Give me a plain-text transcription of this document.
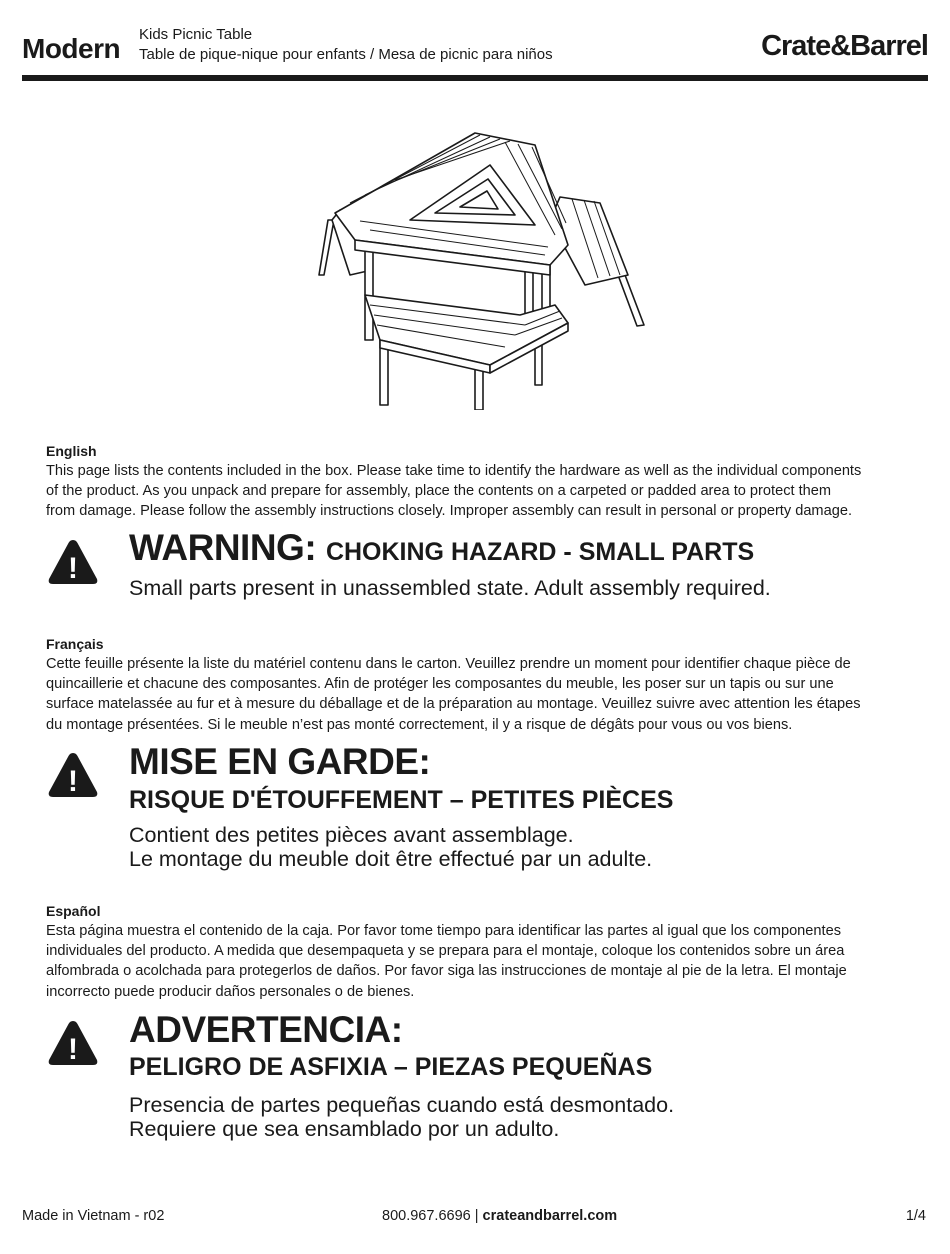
Modern Kids Picnic Table
Table de pique-nique pour enfants / Mesa de picnic para niños	Crate&Barrel
English
This page lists the contents included in the box. Please take time to identify the hardware as well as the individual components
of the product. As you unpack and prepare for assembly, place the contents on a carpeted or padded area to protect them
from damage. Please follow the assembly instructions closely. Improper assembly can result in personal or property damage.
!
WARNING: CHOKING HAZARD - SMALL PARTS
Small parts present in unassembled state. Adult assembly required.
Français
Cette feuille présente la liste du matériel contenu dans le carton. Veuillez prendre un moment pour identifier chaque pièce de
quincaillerie et chacune des composantes. Afin de protéger les composantes du meuble, les poser sur un tapis ou sur une
surface matelassée au fur et à mesure du déballage et de la préparation au montage. Veuillez suivre avec attention les étapes
du montage présentées. Si le meuble n’est pas monté correctement, il y a risque de dégâts pour vous ou vos biens.
! MISE EN GARDE:
RISQUE D'ÉTOUFFEMENT – PETITES PIÈCES
Contient des petites pièces avant assemblage.
Le montage du meuble doit être effectué par un adulte.
Español
Esta página muestra el contenido de la caja. Por favor tome tiempo para identificar las partes al igual que los componentes
individuales del producto. A medida que desempaqueta y se prepara para el montaje, coloque los contenidos sobre un área
alfombrada o acolchada para protegerlos de daños. Por favor siga las instrucciones de montaje al pie de la letra. El montaje
incorrecto puede producir daños personales o de bienes.
! ADVERTENCIA:
PELIGRO DE ASFIXIA – PIEZAS PEQUEÑAS
Presencia de partes pequeñas cuando está desmontado.
Requiere que sea ensamblado por un adulto.
Made in Vietnam - r02	800.967.6696 | crateandbarrel.com	1/4
